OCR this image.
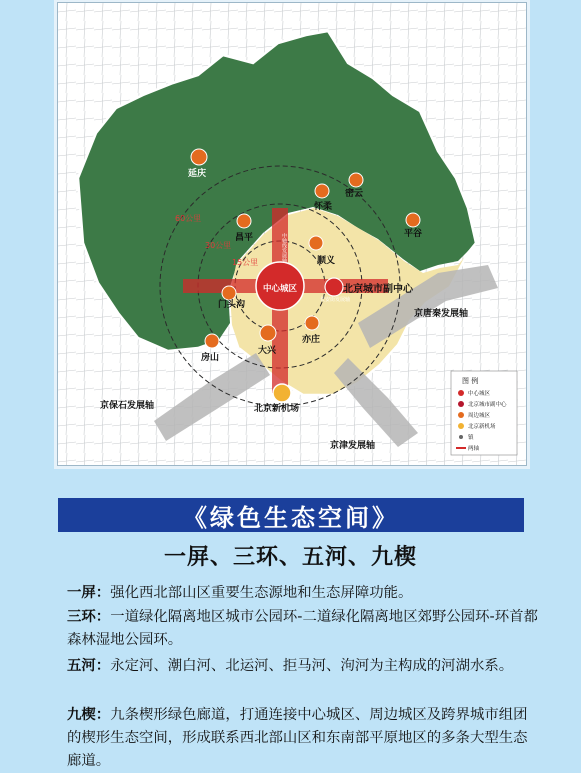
中心城区
中轴线发展轴
长安街发展轴
北京城市副中心
延庆
怀柔
密云
昌平
顺义
平谷
门头沟
房山
大兴
亦庄
北京新机场
60公里
30公里
15公里
京唐秦发展轴
京保石发展轴
京津发展轴
图 例
中心城区
北京城市副中心
周边城区
北京新机场
镇
两轴
《绿色生态空间》
一屏、三环、五河、九楔
一屏：强化西北部山区重要生态源地和生态屏障功能。
三环：一道绿化隔离地区城市公园环-二道绿化隔离地区郊野公园环-环首都森林湿地公园环。
五河：永定河、潮白河、北运河、拒马河、泃河为主构成的河湖水系。
九楔：九条楔形绿色廊道，打通连接中心城区、周边城区及跨界城市组团的楔形生态空间，形成联系西北部山区和东南部平原地区的多条大型生态廊道。
